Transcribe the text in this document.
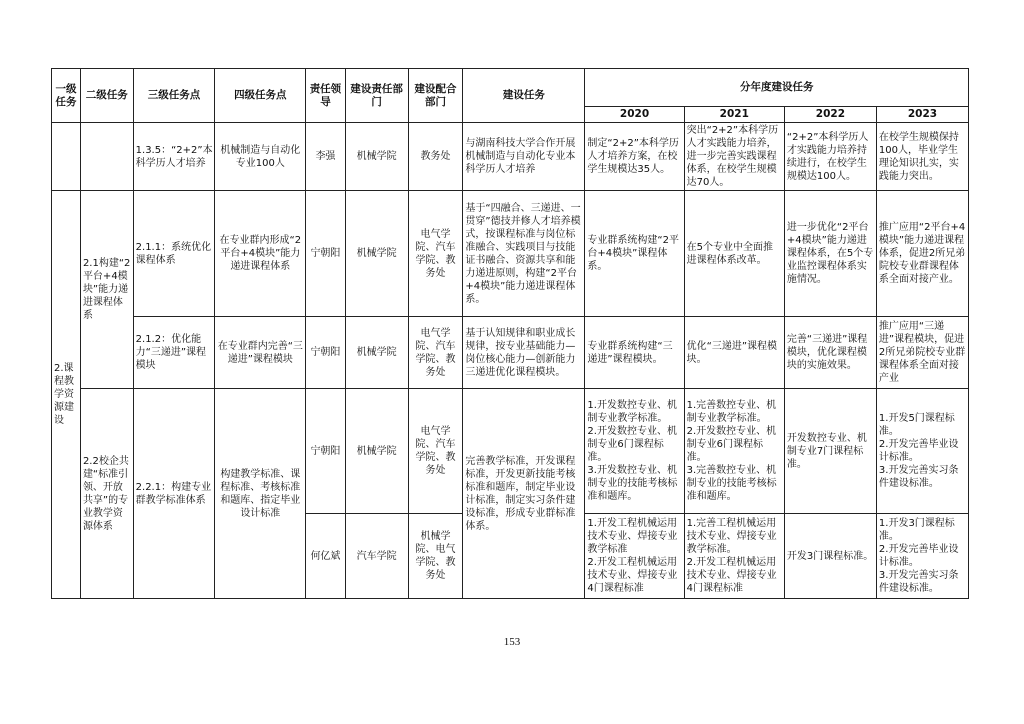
一级任务	二级任务	三级任务点	四级任务点	责任领导	建设责任部门	建设配合部门	建设任务	分年度建设任务			
								2020	2021	2022	2023
		1.3.5：“2+2”本科学历人才培养	机械制造与自动化专业100人	李强	机械学院	教务处	与湖南科技大学合作开展机械制造与自动化专业本科学历人才培养	制定“2+2”本科学历人才培养方案，在校学生规模达35人。	突出“2+2”本科学历人才实践能力培养，进一步完善实践课程体系，在校学生规模达70人。	“2+2”本科学历人才实践能力培养持续进行，在校学生规模达100人。	在校学生规模保持100人，毕业学生理论知识扎实，实践能力突出。
2.课程教学资源建设	2.1构建“2平台+4模块”能力递进课程体系	2.1.1：系统优化课程体系	在专业群内形成“2平台+4模块”能力递进课程体系	宁朝阳	机械学院	电气学院、汽车学院、教务处	基于“四融合、三递进、一贯穿”德技并修人才培养模式，按课程标准与岗位标准融合、实践项目与技能证书融合、资源共享和能力递进原则，构建“2平台+4模块”能力递进课程体系。	专业群系统构建“2平台+4模块”课程体系。	在5个专业中全面推进课程体系改革。	进一步优化“2平台+4模块”能力递进课程体系，在5个专业监控课程体系实施情况。	推广应用“2平台+4模块”能力递进课程体系，促进2所兄弟院校专业群课程体系全面对接产业。
		2.1.2：优化能力“三递进”课程模块	在专业群内完善“三递进”课程模块	宁朝阳	机械学院	电气学院、汽车学院、教务处	基于认知规律和职业成长规律，按专业基础能力—岗位核心能力—创新能力三递进优化课程模块。	专业群系统构建“三递进”课程模块。	优化“三递进”课程模块。	完善“三递进”课程模块，优化课程模块的实施效果。	推广应用“三递进”课程模块，促进2所兄弟院校专业群课程体系全面对接产业
	2.2校企共建“标准引领、开放共享”的专业教学资源体系	2.2.1：构建专业群教学标准体系	构建教学标准、课程标准、考核标准和题库、指定毕业设计标准	宁朝阳	机械学院	电气学院、汽车学院、教务处	完善教学标准，开发课程标准，开发更新技能考核标准和题库，制定毕业设计标准，制定实习条件建设标准，形成专业群标准体系。	1.开发数控专业、机制专业教学标准。
2.开发数控专业、机制专业6门课程标准。
3.开发数控专业、机制专业的技能考核标准和题库。	1.完善数控专业、机制专业教学标准。
2.开发数控专业、机制专业6门课程标准。
3.完善数控专业、机制专业的技能考核标准和题库。	开发数控专业、机制专业7门课程标准。	1.开发5门课程标准。
2.开发完善毕业设计标准。
3.开发完善实习条件建设标准。
				何亿斌	汽车学院	机械学院、电气学院、教务处		1.开发工程机械运用技术专业、焊接专业教学标准
2.开发工程机械运用技术专业、焊接专业4门课程标准	1.完善工程机械运用技术专业、焊接专业教学标准。
2.开发工程机械运用技术专业、焊接专业4门课程标准	开发3门课程标准。	1.开发3门课程标准。
2.开发完善毕业设计标准。
3.开发完善实习条件建设标准。
153
